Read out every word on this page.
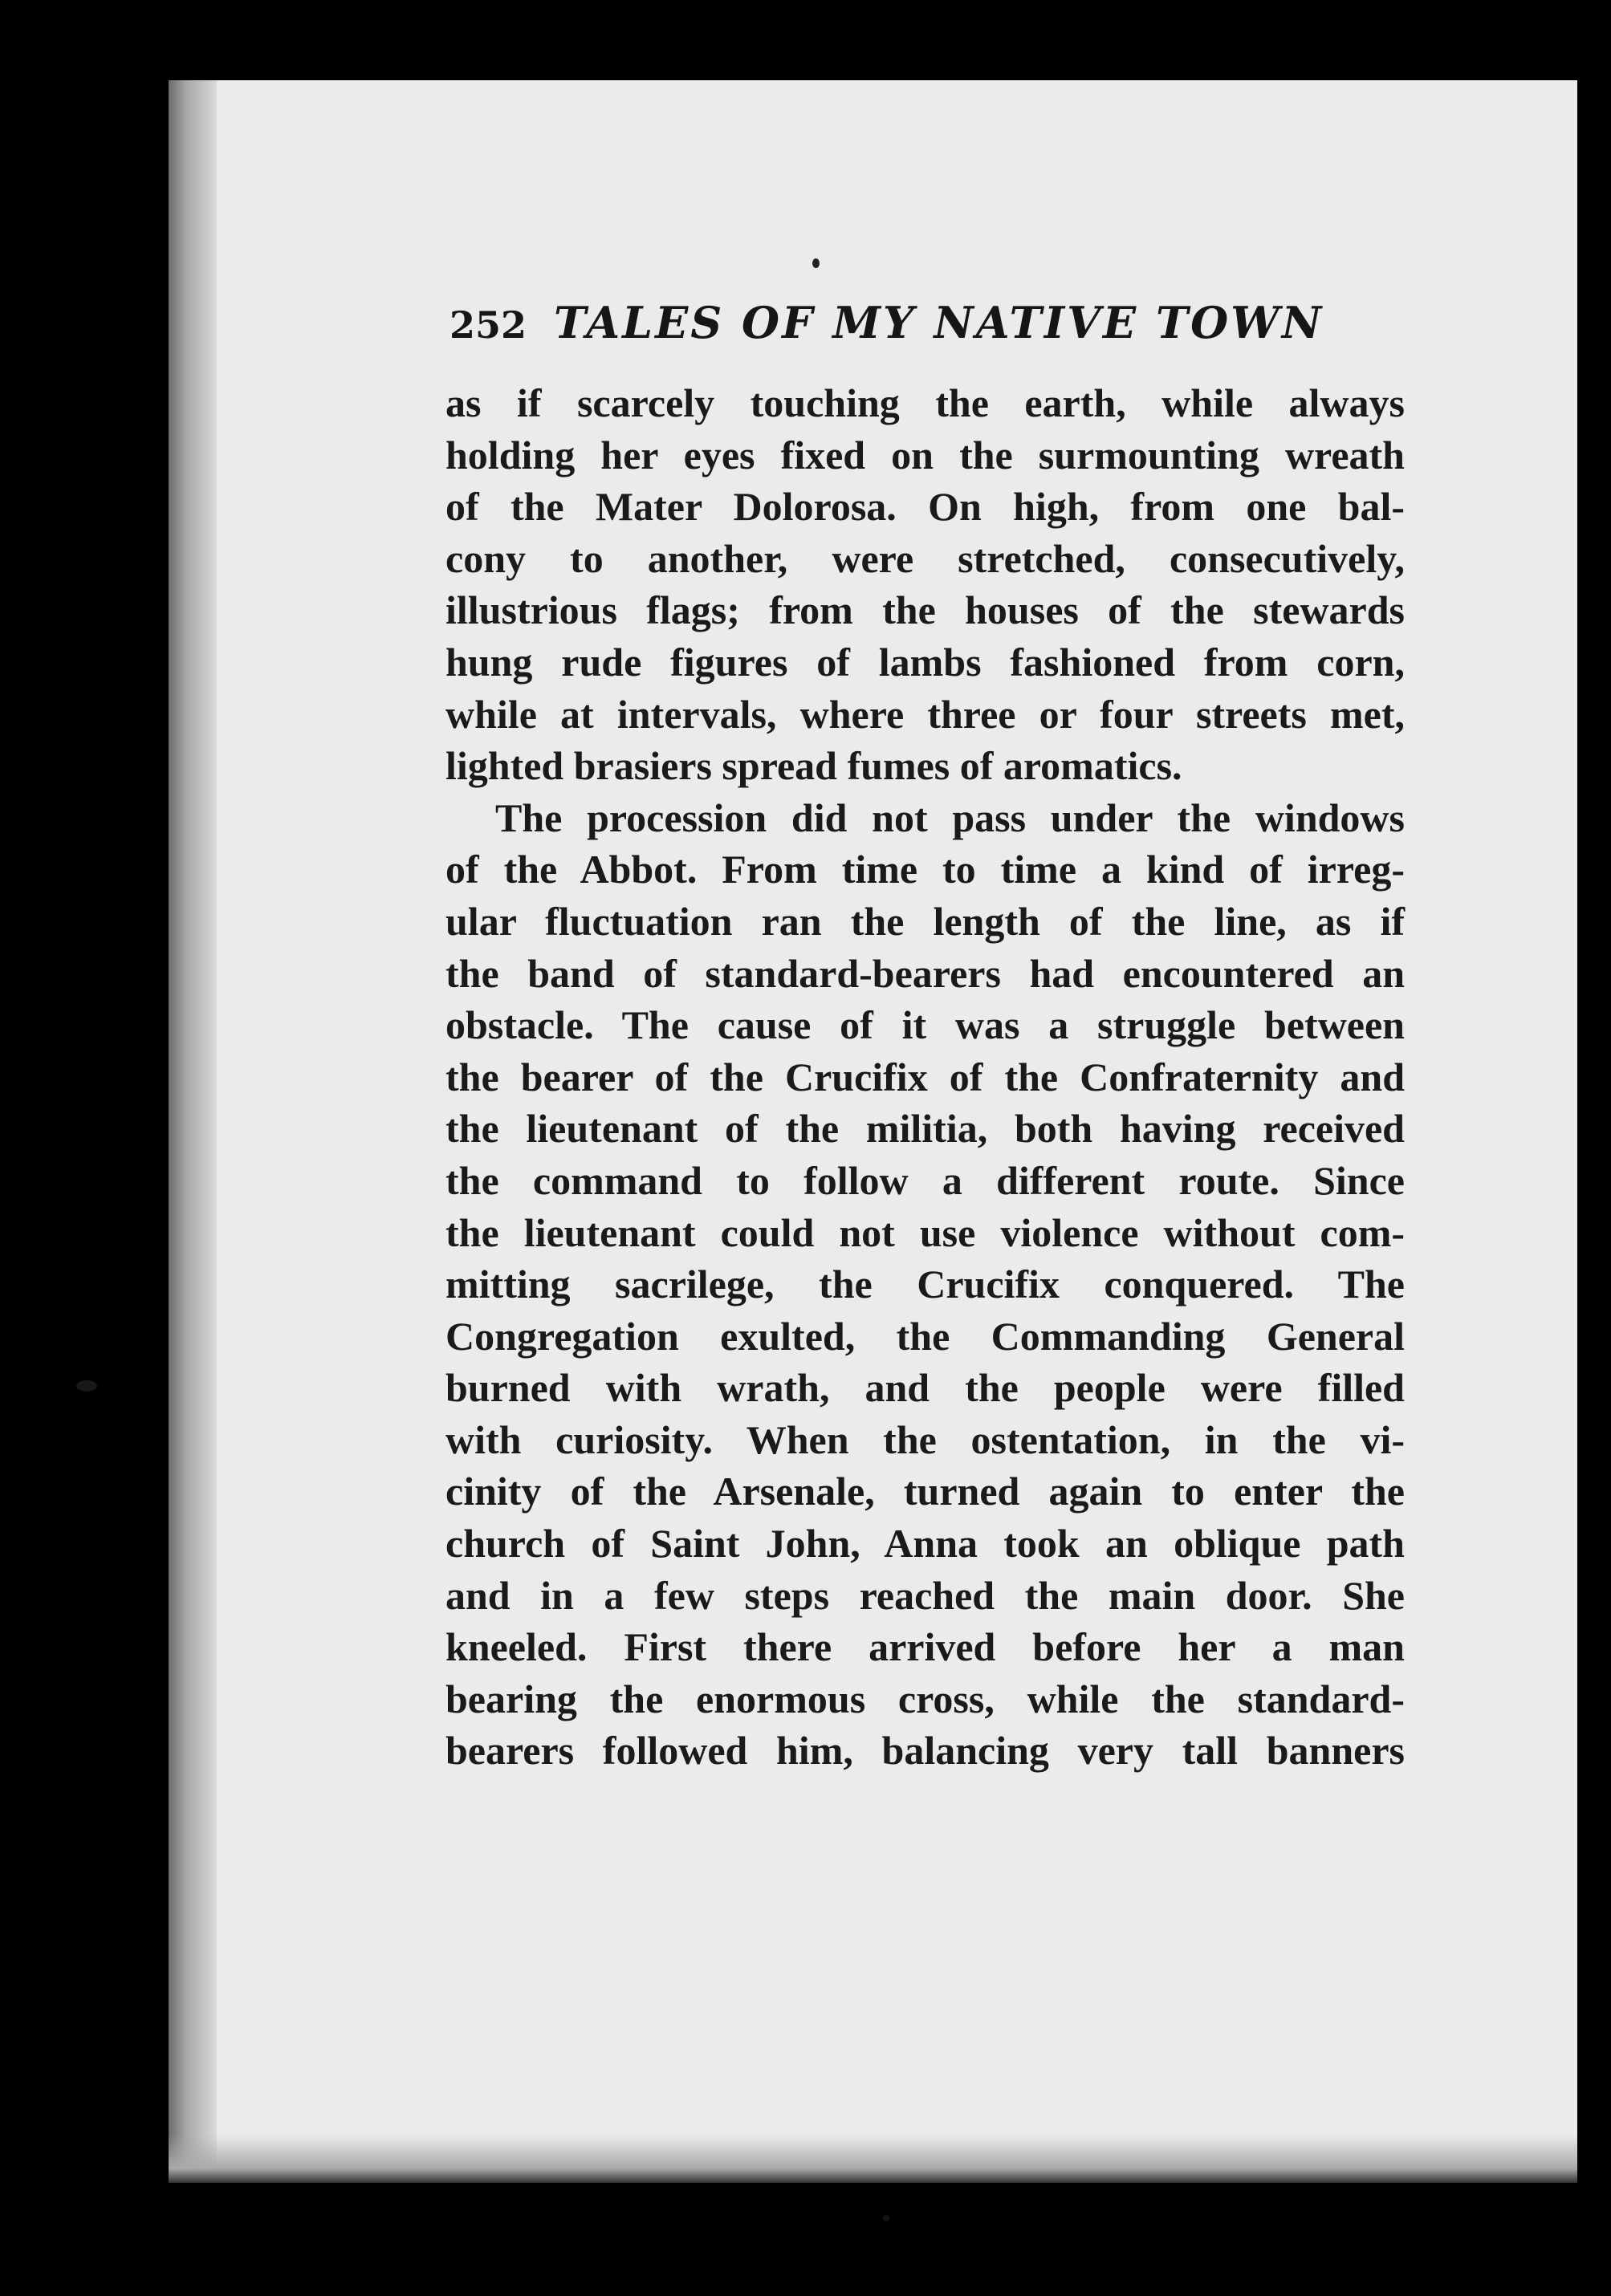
252 TALES OF MY NATIVE TOWN
as if scarcely touching the earth, while always
holding her eyes fixed on the surmounting wreath
of the Mater Dolorosa. On high, from one bal-
cony to another, were stretched, consecutively,
illustrious flags; from the houses of the stewards
hung rude figures of lambs fashioned from corn,
while at intervals, where three or four streets met,
lighted brasiers spread fumes of aromatics.
The procession did not pass under the windows
of the Abbot. From time to time a kind of irreg-
ular fluctuation ran the length of the line, as if
the band of standard-bearers had encountered an
obstacle. The cause of it was a struggle between
the bearer of the Crucifix of the Confraternity and
the lieutenant of the militia, both having received
the command to follow a different route. Since
the lieutenant could not use violence without com-
mitting sacrilege, the Crucifix conquered. The
Congregation exulted, the Commanding General
burned with wrath, and the people were filled
with curiosity. When the ostentation, in the vi-
cinity of the Arsenale, turned again to enter the
church of Saint John, Anna took an oblique path
and in a few steps reached the main door. She
kneeled. First there arrived before her a man
bearing the enormous cross, while the standard-
bearers followed him, balancing very tall banners
